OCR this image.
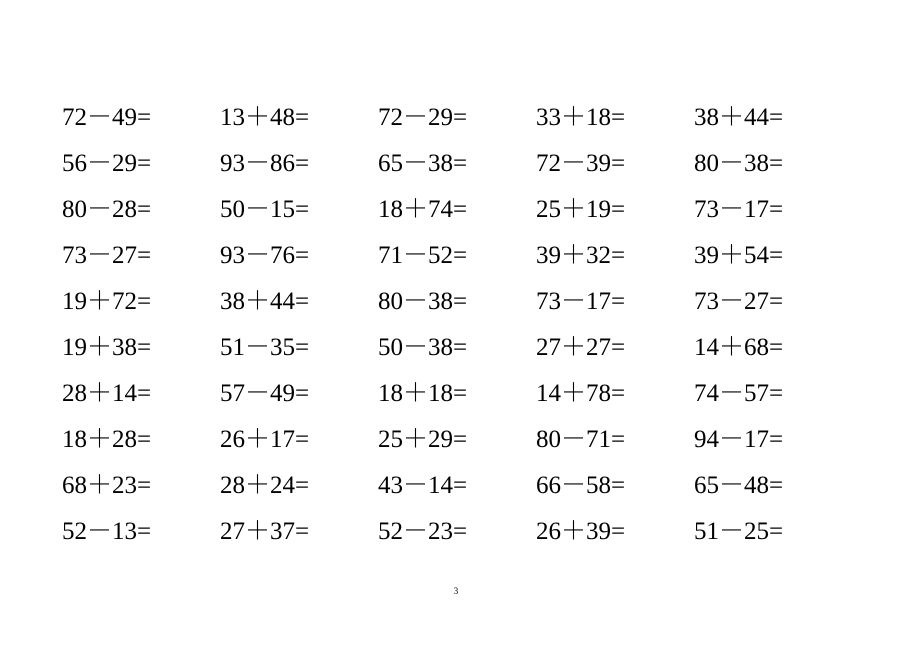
72－49=	13＋48=	72－29=	33＋18=	38＋44=
56－29=	93－86=	65－38=	72－39=	80－38=
80－28=	50－15=	18＋74=	25＋19=	73－17=
73－27=	93－76=	71－52=	39＋32=	39＋54=
19＋72=	38＋44=	80－38=	73－17=	73－27=
19＋38=	51－35=	50－38=	27＋27=	14＋68=
28＋14=	57－49=	18＋18=	14＋78=	74－57=
18＋28=	26＋17=	25＋29=	80－71=	94－17=
68＋23=	28＋24=	43－14=	66－58=	65－48=
52－13=	27＋37=	52－23=	26＋39=	51－25=
3
